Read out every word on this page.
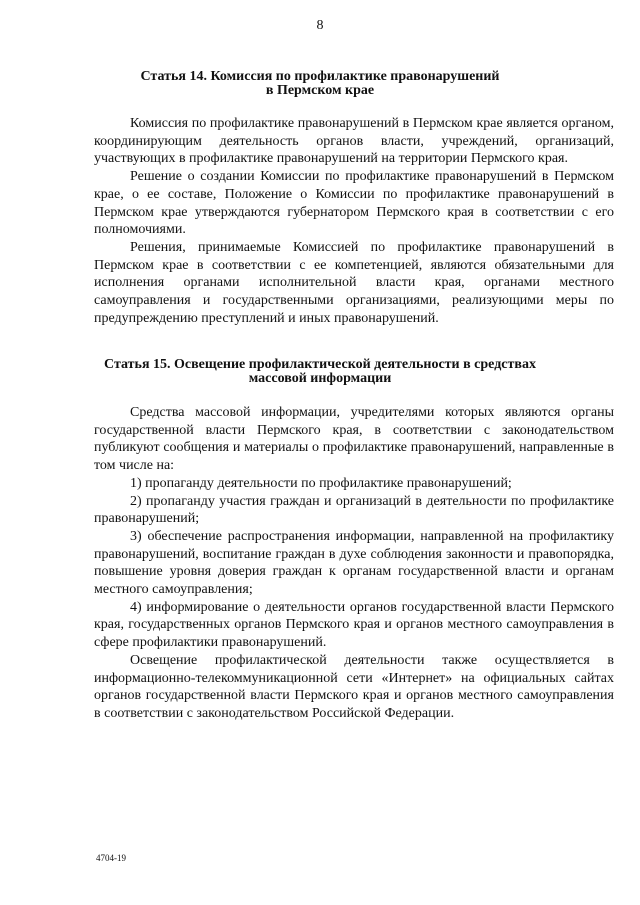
8
Статья 14. Комиссия по профилактике правонарушений
в Пермском крае

Комиссия по профилактике правонарушений в Пермском крае является органом, координирующим деятельность органов власти, учреждений, организаций, участвующих в профилактике правонарушений на территории Пермского края.

Решение о создании Комиссии по профилактике правонарушений в Пермском крае, о ее составе, Положение о Комиссии по профилактике правонарушений в Пермском крае утверждаются губернатором Пермского края в соответствии с его полномочиями.

Решения, принимаемые Комиссией по профилактике правонарушений в Пермском крае в соответствии с ее компетенцией, являются обязательными для исполнения органами исполнительной власти края, органами местного самоуправления и государственными организациями, реализующими меры по предупреждению преступлений и иных правонарушений.

Статья 15. Освещение профилактической деятельности в средствах
массовой информации

Средства массовой информации, учредителями которых являются органы государственной власти Пермского края, в соответствии с законодательством публикуют сообщения и материалы о профилактике правонарушений, направленные в том числе на:

1) пропаганду деятельности по профилактике правонарушений;

2) пропаганду участия граждан и организаций в деятельности по профилактике правонарушений;

3) обеспечение распространения информации, направленной на профилактику правонарушений, воспитание граждан в духе соблюдения законности и правопорядка, повышение уровня доверия граждан к органам государственной власти и органам местного самоуправления;

4) информирование о деятельности органов государственной власти Пермского края, государственных органов Пермского края и органов местного самоуправления в сфере профилактики правонарушений.

Освещение профилактической деятельности также осуществляется в информационно-телекоммуникационной сети «Интернет» на официальных сайтах органов государственной власти Пермского края и органов местного самоуправления в соответствии с законодательством Российской Федерации.

4704-19
